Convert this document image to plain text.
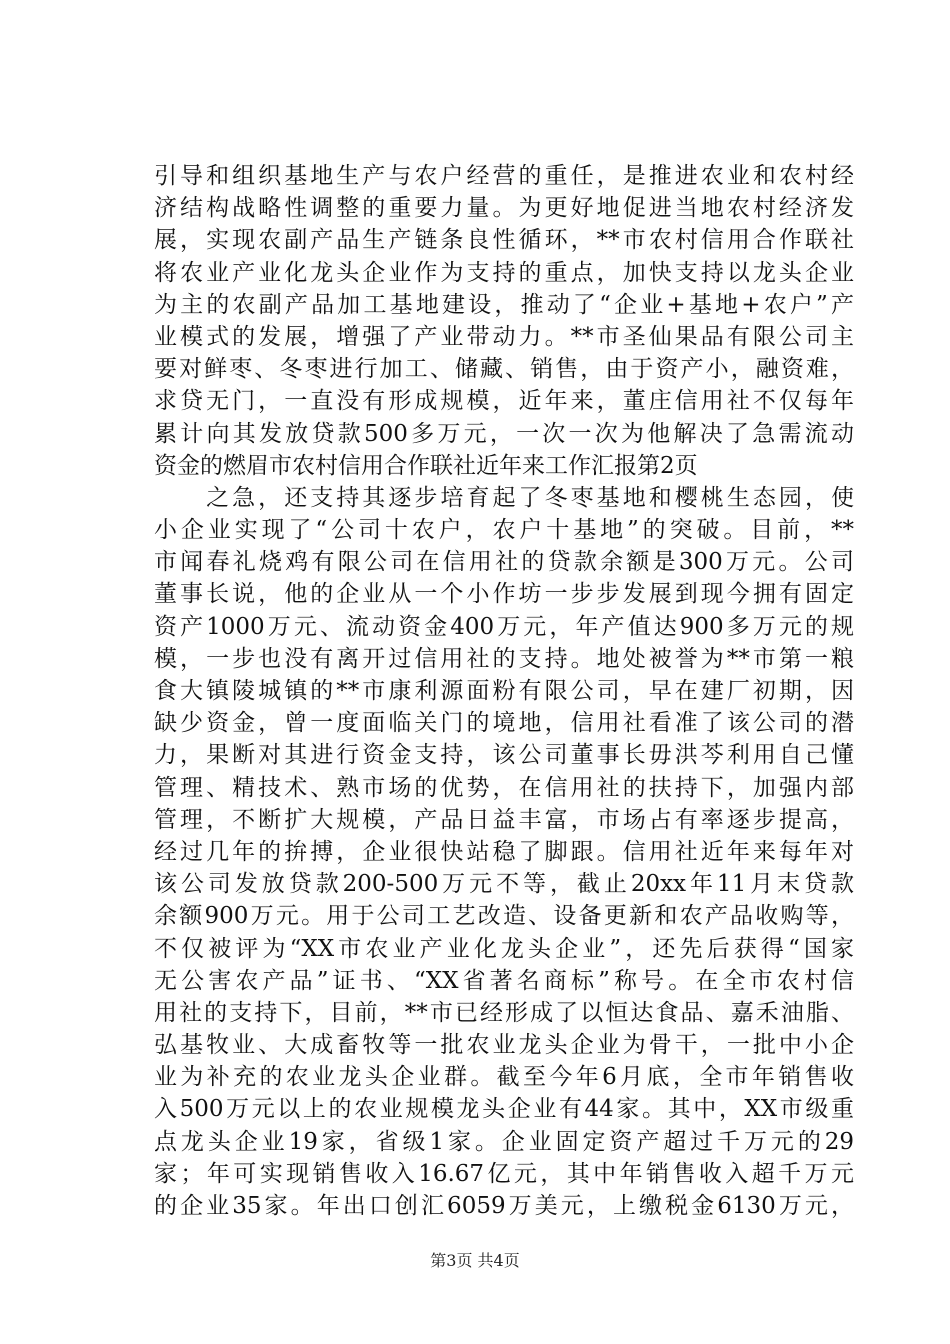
引导和组织基地生产与农户经营的重任，是推进农业和农村经
济结构战略性调整的重要力量。为更好地促进当地农村经济发
展，实现农副产品生产链条良性循环，**市农村信用合作联社
将农业产业化龙头企业作为支持的重点，加快支持以龙头企业
为主的农副产品加工基地建设，推动了“企业+基地+农户”产
业模式的发展，增强了产业带动力。**市圣仙果品有限公司主
要对鲜枣、冬枣进行加工、储藏、销售，由于资产小，融资难，
求贷无门，一直没有形成规模，近年来，董庄信用社不仅每年
累计向其发放贷款500多万元，一次一次为他解决了急需流动
资金的燃眉市农村信用合作联社近年来工作汇报第2页
　　之急，还支持其逐步培育起了冬枣基地和樱桃生态园，使
小企业实现了“公司十农户，农户十基地”的突破。目前，**
市闻春礼烧鸡有限公司在信用社的贷款余额是300万元。公司
董事长说，他的企业从一个小作坊一步步发展到现今拥有固定
资产1000万元、流动资金400万元，年产值达900多万元的规
模，一步也没有离开过信用社的支持。地处被誉为**市第一粮
食大镇陵城镇的**市康利源面粉有限公司，早在建厂初期，因
缺少资金，曾一度面临关门的境地，信用社看准了该公司的潜
力，果断对其进行资金支持，该公司董事长毋洪芩利用自己懂
管理、精技术、熟市场的优势，在信用社的扶持下，加强内部
管理，不断扩大规模，产品日益丰富，市场占有率逐步提高，
经过几年的拚搏，企业很快站稳了脚跟。信用社近年来每年对
该公司发放贷款200-500万元不等，截止20xx年11月末贷款
余额900万元。用于公司工艺改造、设备更新和农产品收购等，
不仅被评为“XX市农业产业化龙头企业”，还先后获得“国家
无公害农产品”证书、“XX省著名商标”称号。在全市农村信
用社的支持下，目前，**市已经形成了以恒达食品、嘉禾油脂、
弘基牧业、大成畜牧等一批农业龙头企业为骨干，一批中小企
业为补充的农业龙头企业群。截至今年6月底，全市年销售收
入500万元以上的农业规模龙头企业有44家。其中，XX市级重
点龙头企业19家，省级1家。企业固定资产超过千万元的29
家；年可实现销售收入16.67亿元，其中年销售收入超千万元
的企业35家。年出口创汇6059万美元，上缴税金6130万元，
第3页 共4页
